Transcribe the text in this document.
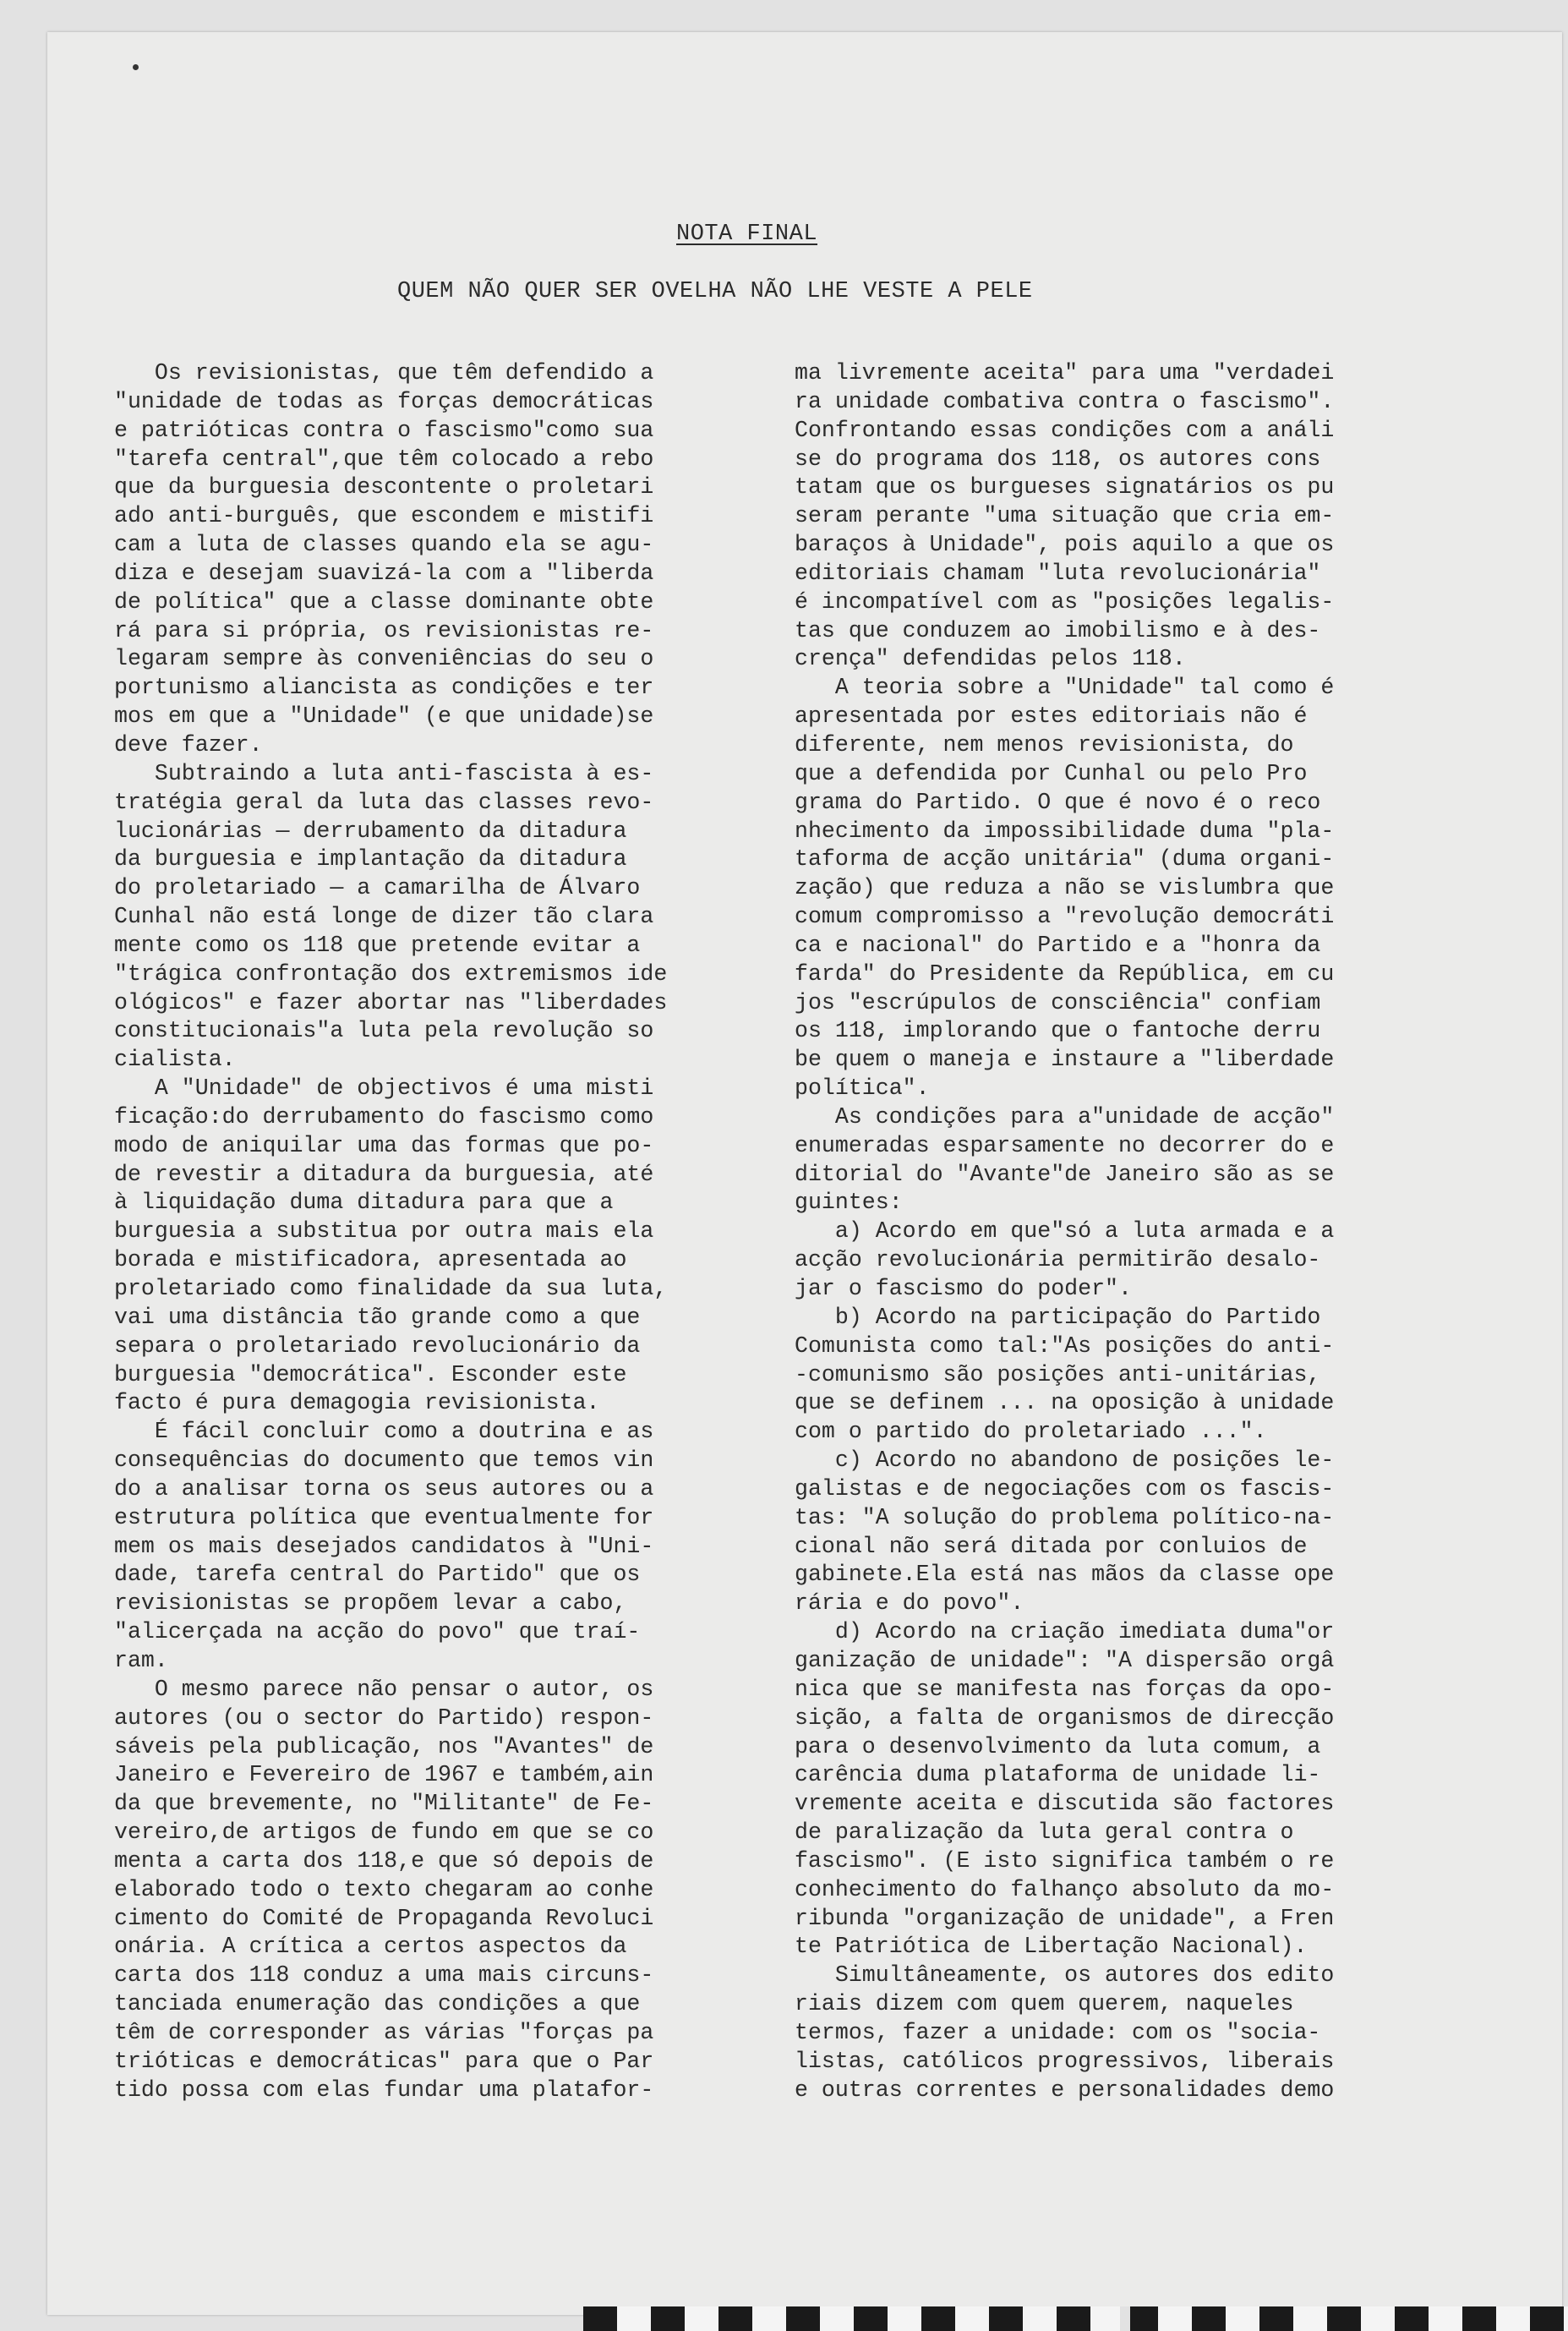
NOTA FINAL
QUEM NÃO QUER SER OVELHA NÃO LHE VESTE A PELE
Os revisionistas, que têm defendido a
"unidade de todas as forças democráticas
e patrióticas contra o fascismo"como sua
"tarefa central",que têm colocado a rebo
que da burguesia descontente o proletari
ado anti-burguês, que escondem e mistifi
cam a luta de classes quando ela se agu-
diza e desejam suavizá-la com a "liberda
de política" que a classe dominante obte
rá para si própria, os revisionistas re-
legaram sempre às conveniências do seu o
portunismo aliancista as condições e ter
mos em que a "Unidade" (e que unidade)se
deve fazer.
Subtraindo a luta anti-fascista à es-
tratégia geral da luta das classes revo-
lucionárias — derrubamento da ditadura
da burguesia e implantação da ditadura
do proletariado — a camarilha de Álvaro
Cunhal não está longe de dizer tão clara
mente como os 118 que pretende evitar a
"trágica confrontação dos extremismos ide
ológicos" e fazer abortar nas "liberdades
constitucionais"a luta pela revolução so
cialista.
A "Unidade" de objectivos é uma misti
ficação:do derrubamento do fascismo como
modo de aniquilar uma das formas que po-
de revestir a ditadura da burguesia, até
à liquidação duma ditadura para que a
burguesia a substitua por outra mais ela
borada e mistificadora, apresentada ao
proletariado como finalidade da sua luta,
vai uma distância tão grande como a que
separa o proletariado revolucionário da
burguesia "democrática". Esconder este
facto é pura demagogia revisionista.
É fácil concluir como a doutrina e as
consequências do documento que temos vin
do a analisar torna os seus autores ou a
estrutura política que eventualmente for
mem os mais desejados candidatos à "Uni-
dade, tarefa central do Partido" que os
revisionistas se propõem levar a cabo,
"alicerçada na acção do povo" que traí-
ram.
O mesmo parece não pensar o autor, os
autores (ou o sector do Partido) respon-
sáveis pela publicação, nos "Avantes" de
Janeiro e Fevereiro de 1967 e também,ain
da que brevemente, no "Militante" de Fe-
vereiro,de artigos de fundo em que se co
menta a carta dos 118,e que só depois de
elaborado todo o texto chegaram ao conhe
cimento do Comité de Propaganda Revoluci
onária. A crítica a certos aspectos da
carta dos 118 conduz a uma mais circuns-
tanciada enumeração das condições a que
têm de corresponder as várias "forças pa
trióticas e democráticas" para que o Par
tido possa com elas fundar uma platafor-
ma livremente aceita" para uma "verdadei
ra unidade combativa contra o fascismo".
Confrontando essas condições com a análi
se do programa dos 118, os autores cons
tatam que os burgueses signatários os pu
seram perante "uma situação que cria em-
baraços à Unidade", pois aquilo a que os
editoriais chamam "luta revolucionária"
é incompatível com as "posições legalis-
tas que conduzem ao imobilismo e à des-
crença" defendidas pelos 118.
A teoria sobre a "Unidade" tal como é
apresentada por estes editoriais não é
diferente, nem menos revisionista, do
que a defendida por Cunhal ou pelo Pro
grama do Partido. O que é novo é o reco
nhecimento da impossibilidade duma "pla-
taforma de acção unitária" (duma organi-
zação) que reduza a não se vislumbra que
comum compromisso a "revolução democráti
ca e nacional" do Partido e a "honra da
farda" do Presidente da República, em cu
jos "escrúpulos de consciência" confiam
os 118, implorando que o fantoche derru
be quem o maneja e instaure a "liberdade
política".
As condições para a"unidade de acção"
enumeradas esparsamente no decorrer do e
ditorial do "Avante"de Janeiro são as se
guintes:
a) Acordo em que"só a luta armada e a
acção revolucionária permitirão desalo-
jar o fascismo do poder".
b) Acordo na participação do Partido
Comunista como tal:"As posições do anti-
-comunismo são posições anti-unitárias,
que se definem ... na oposição à unidade
com o partido do proletariado ...".
c) Acordo no abandono de posições le-
galistas e de negociações com os fascis-
tas: "A solução do problema político-na-
cional não será ditada por conluios de
gabinete.Ela está nas mãos da classe ope
rária e do povo".
d) Acordo na criação imediata duma"or
ganização de unidade": "A dispersão orgâ
nica que se manifesta nas forças da opo-
sição, a falta de organismos de direcção
para o desenvolvimento da luta comum, a
carência duma plataforma de unidade li-
vremente aceita e discutida são factores
de paralização da luta geral contra o
fascismo". (E isto significa também o re
conhecimento do falhanço absoluto da mo-
ribunda "organização de unidade", a Fren
te Patriótica de Libertação Nacional).
Simultâneamente, os autores dos edito
riais dizem com quem querem, naqueles
termos, fazer a unidade: com os "socia-
listas, católicos progressivos, liberais
e outras correntes e personalidades demo
